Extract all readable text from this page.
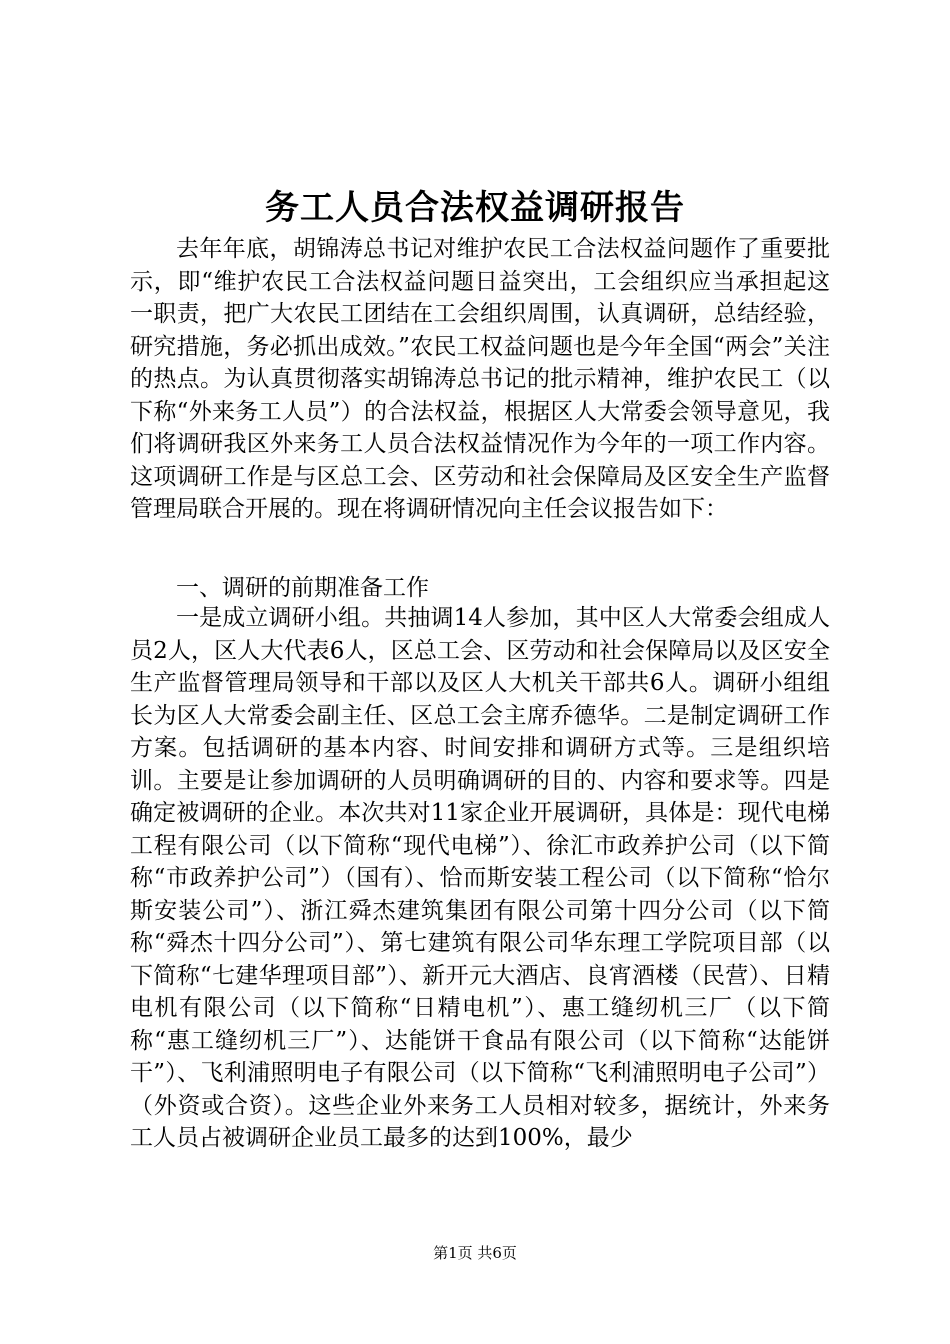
务工人员合法权益调研报告

去年年底，胡锦涛总书记对维护农民工合法权益问题作了重要批示，即“维护农民工合法权益问题日益突出，工会组织应当承担起这一职责，把广大农民工团结在工会组织周围，认真调研，总结经验，研究措施，务必抓出成效。”农民工权益问题也是今年全国“两会”关注的热点。为认真贯彻落实胡锦涛总书记的批示精神，维护农民工（以下称“外来务工人员”）的合法权益，根据区人大常委会领导意见，我们将调研我区外来务工人员合法权益情况作为今年的一项工作内容。这项调研工作是与区总工会、区劳动和社会保障局及区安全生产监督管理局联合开展的。现在将调研情况向主任会议报告如下：

一、调研的前期准备工作

一是成立调研小组。共抽调14人参加，其中区人大常委会组成人员2人，区人大代表6人，区总工会、区劳动和社会保障局以及区安全生产监督管理局领导和干部以及区人大机关干部共6人。调研小组组长为区人大常委会副主任、区总工会主席乔德华。二是制定调研工作方案。包括调研的基本内容、时间安排和调研方式等。三是组织培训。主要是让参加调研的人员明确调研的目的、内容和要求等。四是确定被调研的企业。本次共对11家企业开展调研，具体是：现代电梯工程有限公司（以下简称“现代电梯”）、徐汇市政养护公司（以下简称“市政养护公司”）（国有）、恰而斯安装工程公司（以下简称“恰尔斯安装公司”）、浙江舜杰建筑集团有限公司第十四分公司（以下简称“舜杰十四分公司”）、第七建筑有限公司华东理工学院项目部（以下简称“七建华理项目部”）、新开元大酒店、良宵酒楼（民营）、日精电机有限公司（以下简称“日精电机”）、惠工缝纫机三厂（以下简称“惠工缝纫机三厂”）、达能饼干食品有限公司（以下简称“达能饼干”）、飞利浦照明电子有限公司（以下简称“飞利浦照明电子公司”）（外资或合资）。这些企业外来务工人员相对较多，据统计，外来务工人员占被调研企业员工最多的达到100%，最少

第1页 共6页
